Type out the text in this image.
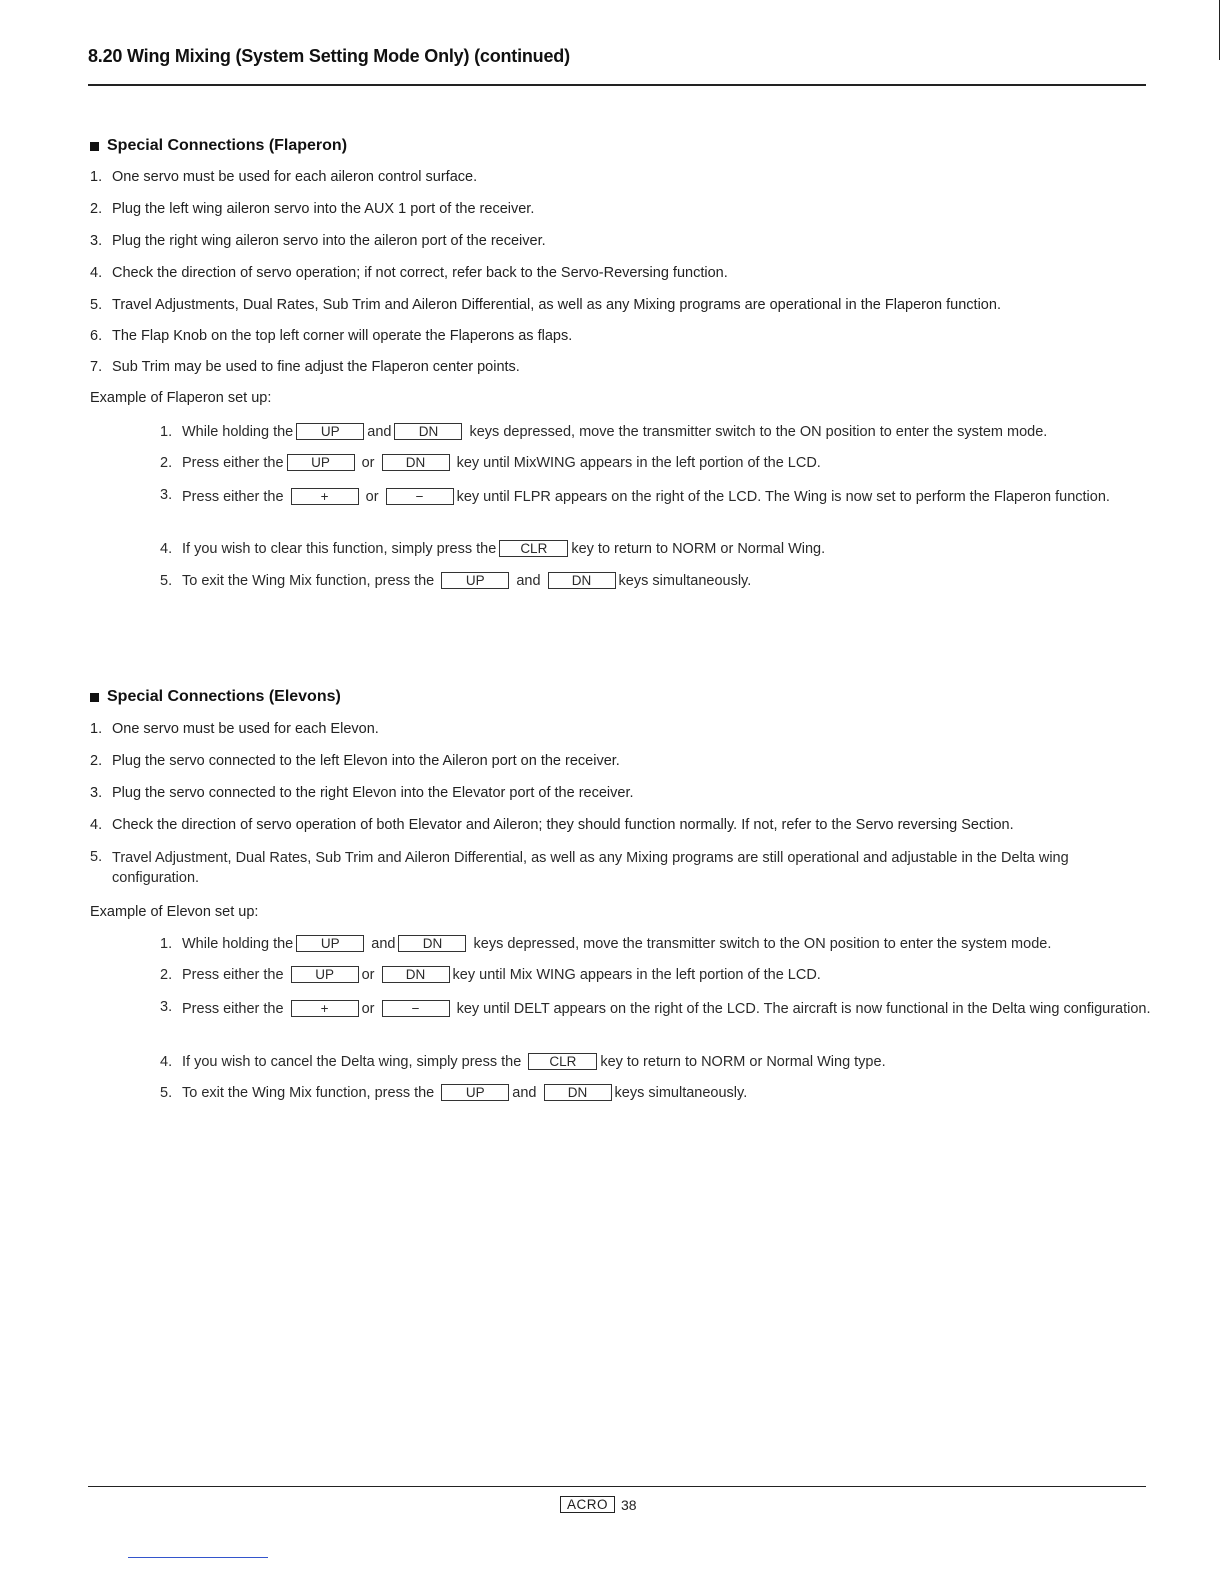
8.20 Wing Mixing (System Setting Mode Only) (continued)
Special Connections (Flaperon)
1. One servo must be used for each aileron control surface.
2. Plug the left wing aileron servo into the AUX 1 port of the receiver.
3. Plug the right wing aileron servo into the aileron port of the receiver.
4. Check the direction of servo operation; if not correct, refer back to the Servo-Reversing function.
5. Travel Adjustments, Dual Rates, Sub Trim and Aileron Differential, as well as any Mixing programs are operational in the Flaperon function.
6. The Flap Knob on the top left corner will operate the Flaperons as flaps.
7. Sub Trim may be used to fine adjust the Flaperon center points.
Example of Flaperon set up:
1. While holding the UP and DN keys depressed, move the transmitter switch to the ON position to enter the system mode.
2. Press either the UP or DN key until MixWING appears in the left portion of the LCD.
3. Press either the	+	or	− key until FLPR appears on the right of the LCD. The Wing is now set to perform the Flaperon function.
4. If you wish to clear this function, simply press the CLR key to return to NORM or Normal Wing.
5. To exit the Wing Mix function, press the UP and DN keys simultaneously.
Special Connections (Elevons)
1. One servo must be used for each Elevon.
2. Plug the servo connected to the left Elevon into the Aileron port on the receiver.
3. Plug the servo connected to the right Elevon into the Elevator port of the receiver.
4. Check the direction of servo operation of both Elevator and Aileron; they should function normally. If not, refer to the Servo reversing Section.
5. Travel Adjustment, Dual Rates, Sub Trim and Aileron Differential, as well as any Mixing programs are still operational and adjustable in the Delta wing configuration.
Example of Elevon set up:
1. While holding the UP and DN keys depressed, move the transmitter switch to the ON position to enter the system mode.
2. Press either the UP or DN key until Mix WING appears in the left portion of the LCD.
3. Press either the	+ or	−	key until DELT appears on the right of the LCD. The aircraft is now functional in the Delta wing configuration.
4. If you wish to cancel the Delta wing, simply press the CLR key to return to NORM or Normal Wing type.
5. To exit the Wing Mix function, press the UP and DN keys simultaneously.
ACRO 38
